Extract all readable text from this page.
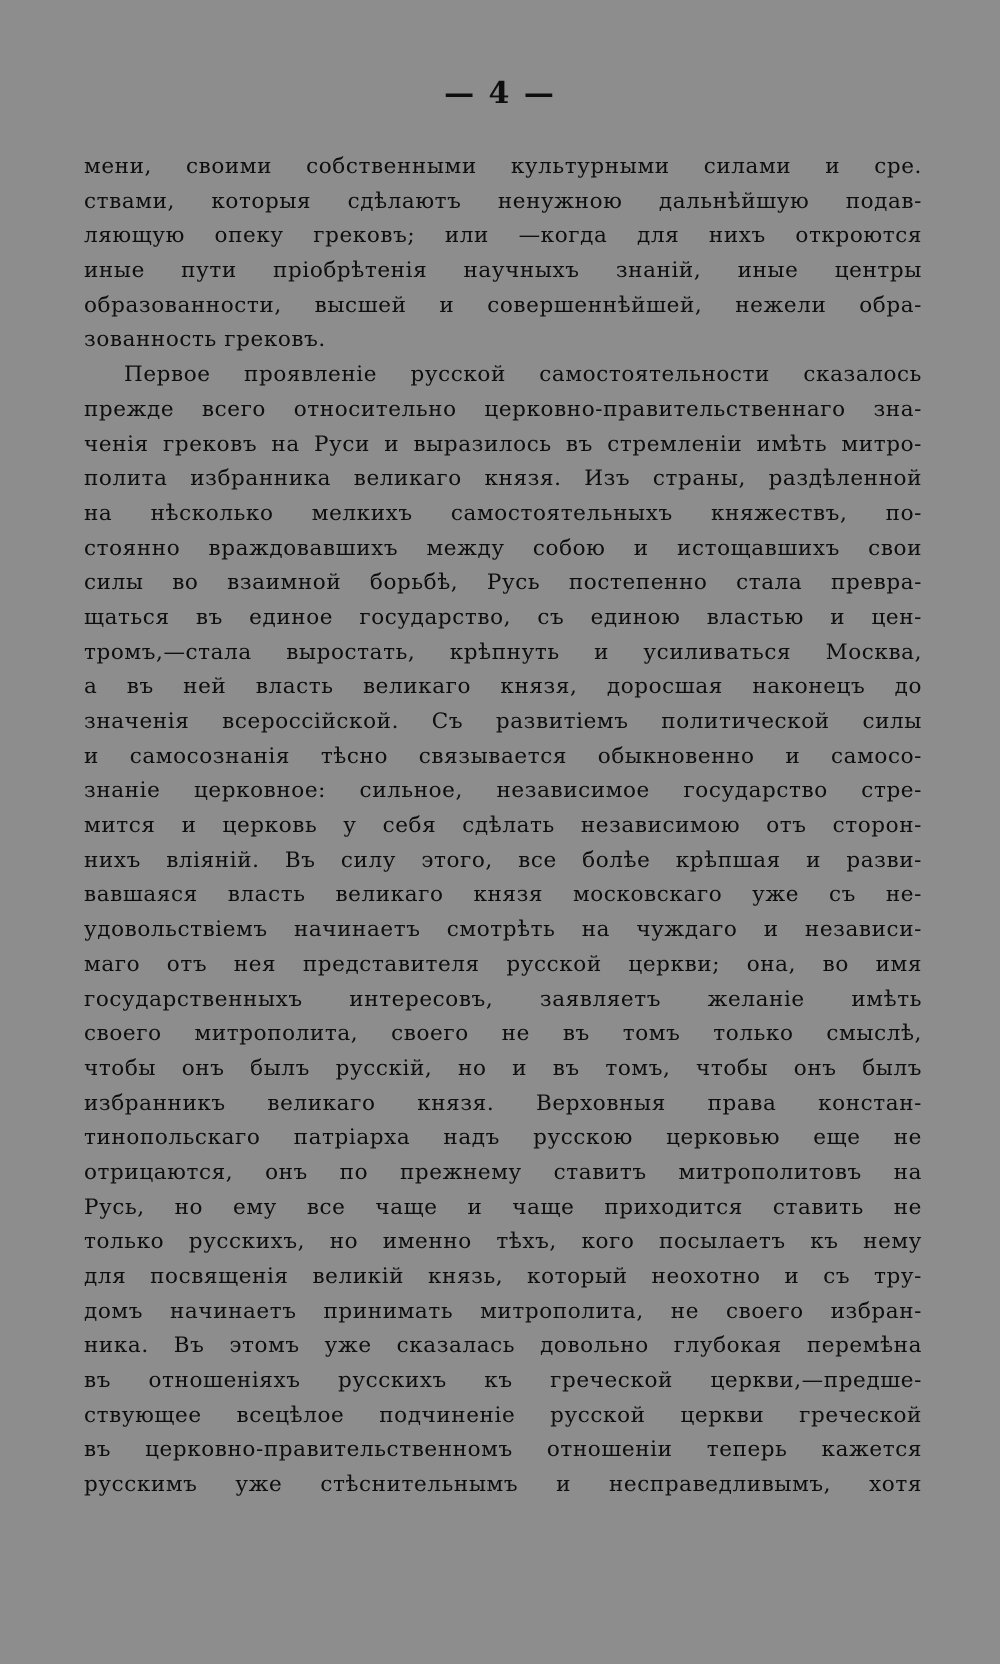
— 4 —
мени, своими собственными культурными силами и сре.
ствами, которыя сдѣлаютъ ненужною дальнѣйшую подав-
ляющую опеку грековъ; или —когда для нихъ откроются
иные пути пріобрѣтенія научныхъ знаній, иные центры
образованности, высшей и совершеннѣйшей, нежели обра-
зованность грековъ.
Первое проявленіе русской самостоятельности сказалось
прежде всего относительно церковно-правительственнаго зна-
ченія грековъ на Руси и выразилось въ стремленіи имѣть митро-
полита избранника великаго князя. Изъ страны, раздѣленной
на нѣсколько мелкихъ самостоятельныхъ княжествъ, по-
стоянно враждовавшихъ между собою и истощавшихъ свои
силы во взаимной борьбѣ, Русь постепенно стала превра-
щаться въ единое государство, съ единою властью и цен-
тромъ,—стала выростать, крѣпнуть и усиливаться Москва,
а въ ней власть великаго князя, доросшая наконецъ до
значенія всероссійской. Съ развитіемъ политической силы
и самосознанія тѣсно связывается обыкновенно и самосо-
знаніе церковное: сильное, независимое государство стре-
мится и церковь у себя сдѣлать независимою отъ сторон-
нихъ вліяній. Въ силу этого, все болѣе крѣпшая и разви-
вавшаяся власть великаго князя московскаго уже съ не-
удовольствіемъ начинаетъ смотрѣть на чуждаго и независи-
маго отъ нея представителя русской церкви; она, во имя
государственныхъ интересовъ, заявляетъ желаніе имѣть
своего митрополита, своего не въ томъ только смыслѣ,
чтобы онъ былъ русскій, но и въ томъ, чтобы онъ былъ
избранникъ великаго князя. Верховныя права констан-
тинопольскаго патріарха надъ русскою церковью еще не
отрицаются, онъ по прежнему ставитъ митрополитовъ на
Русь, но ему все чаще и чаще приходится ставить не
только русскихъ, но именно тѣхъ, кого посылаетъ къ нему
для посвященія великій князь, который неохотно и съ тру-
домъ начинаетъ принимать митрополита, не своего избран-
ника. Въ этомъ уже сказалась довольно глубокая перемѣна
въ отношеніяхъ русскихъ къ греческой церкви,—предше-
ствующее всецѣлое подчиненіе русской церкви греческой
въ церковно-правительственномъ отношеніи теперь кажется
русскимъ уже стѣснительнымъ и несправедливымъ, хотя
